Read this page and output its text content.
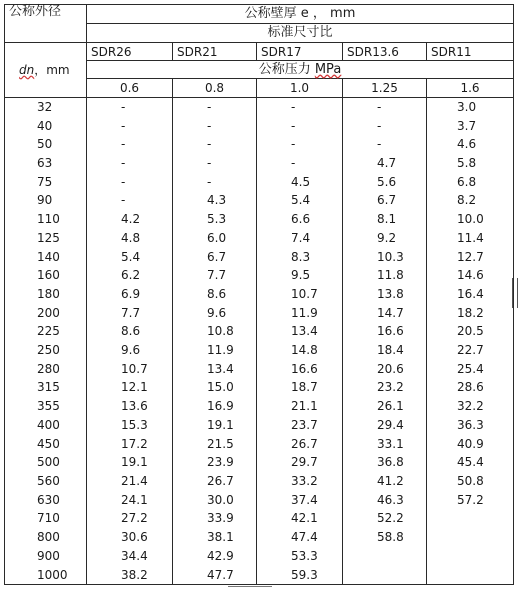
公称外径	公称壁厚 e ， mm				
	标准尺寸比				
dn，mm	SDR26	SDR21	SDR17	SDR13.6	SDR11
	公称压力 MPa				
	0.6	0.8	1.0	1.25	1.6
32	-	-	-	-	3.0
40	-	-	-	-	3.7
50	-	-	-	-	4.6
63	-	-	-	4.7	5.8
75	-	-	4.5	5.6	6.8
90	-	4.3	5.4	6.7	8.2
110	4.2	5.3	6.6	8.1	10.0
125	4.8	6.0	7.4	9.2	11.4
140	5.4	6.7	8.3	10.3	12.7
160	6.2	7.7	9.5	11.8	14.6
180	6.9	8.6	10.7	13.8	16.4
200	7.7	9.6	11.9	14.7	18.2
225	8.6	10.8	13.4	16.6	20.5
250	9.6	11.9	14.8	18.4	22.7
280	10.7	13.4	16.6	20.6	25.4
315	12.1	15.0	18.7	23.2	28.6
355	13.6	16.9	21.1	26.1	32.2
400	15.3	19.1	23.7	29.4	36.3
450	17.2	21.5	26.7	33.1	40.9
500	19.1	23.9	29.7	36.8	45.4
560	21.4	26.7	33.2	41.2	50.8
630	24.1	30.0	37.4	46.3	57.2
710	27.2	33.9	42.1	52.2	
800	30.6	38.1	47.4	58.8	
900	34.4	42.9	53.3		
1000	38.2	47.7	59.3		
